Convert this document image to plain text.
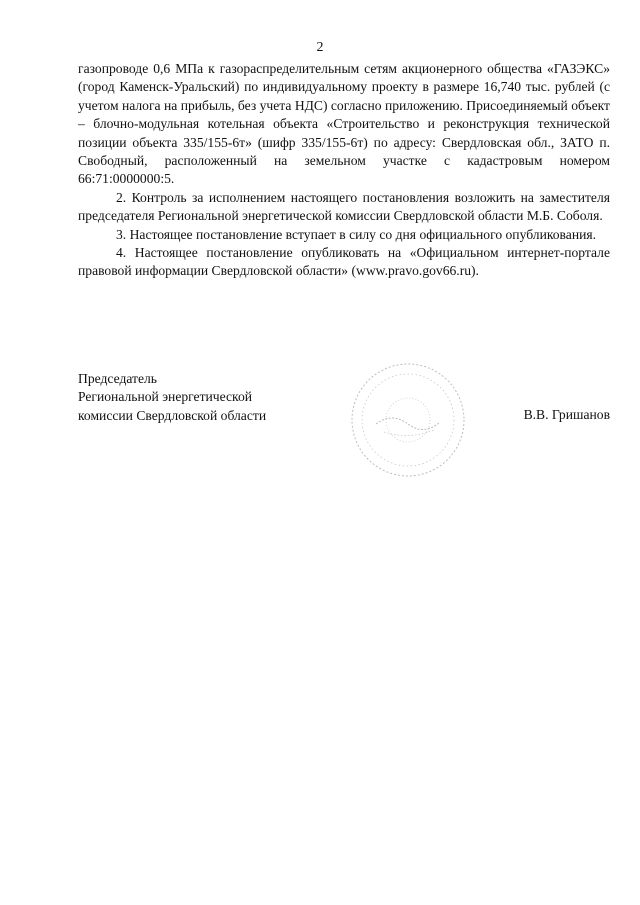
2

газопроводе 0,6 МПа к газораспределительным сетям акционерного общества «ГАЗЭКС» (город Каменск-Уральский) по индивидуальному проекту в размере 16,740 тыс. рублей (с учетом налога на прибыль, без учета НДС) согласно приложению. Присоединяемый объект – блочно-модульная котельная объекта «Строительство и реконструкция технической позиции объекта 335/155-6т» (шифр 335/155-6т) по адресу: Свердловская обл., ЗАТО п. Свободный, расположенный на земельном участке с кадастровым номером 66:71:0000000:5.

2. Контроль за исполнением настоящего постановления возложить на заместителя председателя Региональной энергетической комиссии Свердловской области М.Б. Соболя.

3. Настоящее постановление вступает в силу со дня официального опубликования.

4. Настоящее постановление опубликовать на «Официальном интернет-портале правовой информации Свердловской области» (www.pravo.gov66.ru).

Председатель
Региональной энергетической
комиссии Свердловской области	В.В. Гришанов
